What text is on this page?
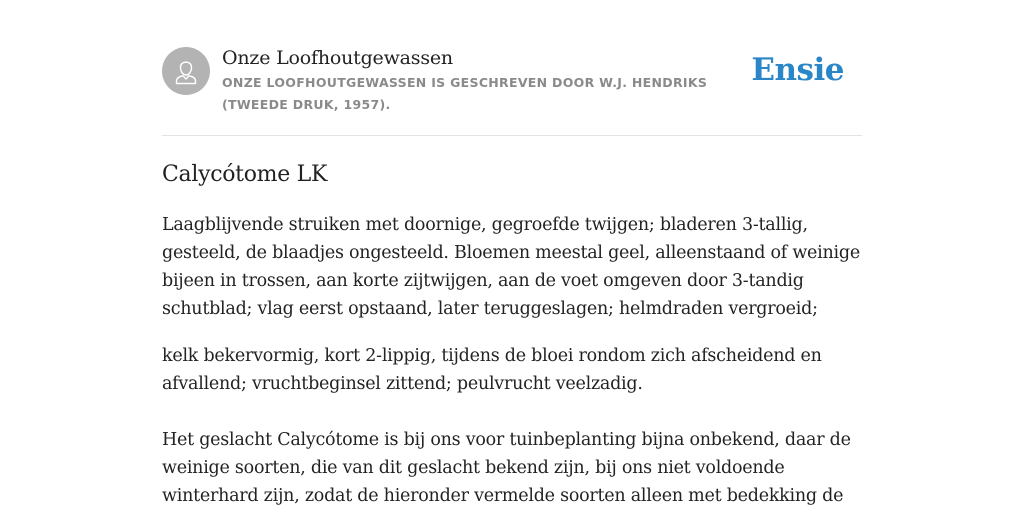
Onze Loofhoutgewassen
ONZE LOOFHOUTGEWASSEN IS GESCHREVEN DOOR W.J. HENDRIKS (TWEEDE DRUK, 1957).
Ensie
Calycótome LK

Laagblijvende struiken met doornige, gegroefde twijgen; bladeren 3-tallig, gesteeld, de blaadjes ongesteeld. Bloemen meestal geel, alleenstaand of weinige bijeen in trossen, aan korte zijtwijgen, aan de voet omgeven door 3-tandig schutblad; vlag eerst opstaand, later teruggeslagen; helmdraden vergroeid;

kelk bekervormig, kort 2-lippig, tijdens de bloei rondom zich afscheidend en afvallend; vruchtbeginsel zittend; peulvrucht veelzadig.

Het geslacht Calycótome is bij ons voor tuinbeplanting bijna onbekend, daar de weinige soorten, die van dit geslacht bekend zijn, bij ons niet voldoende winterhard zijn, zodat de hieronder vermelde soorten alleen met bedekking de
